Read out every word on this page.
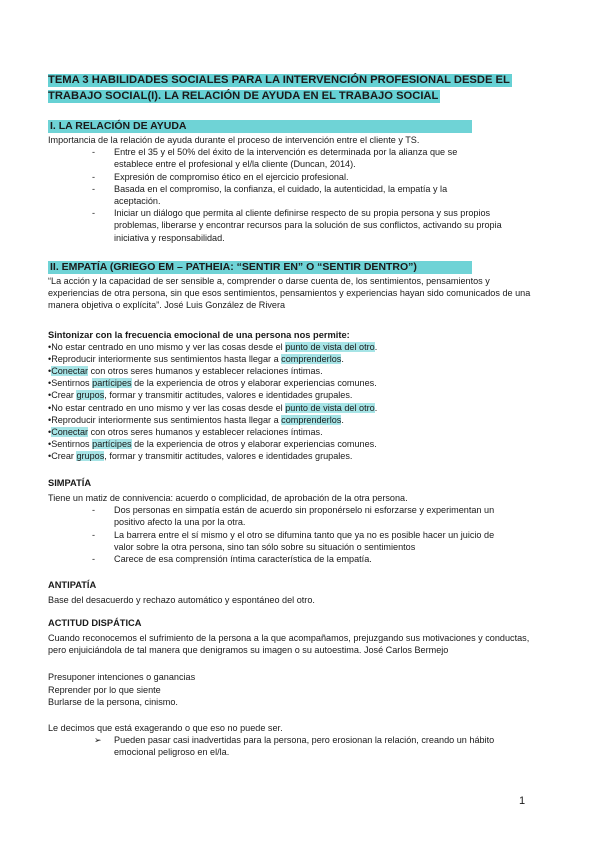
TEMA 3 HABILIDADES SOCIALES PARA LA INTERVENCIÓN PROFESIONAL DESDE EL
TRABAJO SOCIAL(I). LA RELACIÓN DE AYUDA EN EL TRABAJO SOCIAL
I. LA RELACIÓN DE AYUDA

Importancia de la relación de ayuda durante el proceso de intervención entre el cliente y TS.

- Entre el 35 y el 50% del éxito de la intervención es determinada por la alianza que se establece entre el profesional y el/la cliente (Duncan, 2014).
- Expresión de compromiso ético en el ejercicio profesional.
- Basada en el compromiso, la confianza, el cuidado, la autenticidad, la empatía y la aceptación.
- Iniciar un diálogo que permita al cliente definirse respecto de su propia persona y sus propios problemas, liberarse y encontrar recursos para la solución de sus conflictos, activando su propia iniciativa y responsabilidad.
II. EMPATÍA (GRIEGO EM – PATHEIA: “SENTIR EN” O “SENTIR DENTRO”)

“La acción y la capacidad de ser sensible a, comprender o darse cuenta de, los sentimientos, pensamientos y experiencias de otra persona, sin que esos sentimientos, pensamientos y experiencias hayan sido comunicados de una manera objetiva o explícita”. José Luis González de Rivera

Sintonizar con la frecuencia emocional de una persona nos permite:

• No estar centrado en uno mismo y ver las cosas desde el punto de vista del otro.
• Reproducir interiormente sus sentimientos hasta llegar a comprenderlos.
• Conectar con otros seres humanos y establecer relaciones íntimas.
• Sentirnos partícipes de la experiencia de otros y elaborar experiencias comunes.
• Crear grupos, formar y transmitir actitudes, valores e identidades grupales.
• No estar centrado en uno mismo y ver las cosas desde el punto de vista del otro.
• Reproducir interiormente sus sentimientos hasta llegar a comprenderlos.
• Conectar con otros seres humanos y establecer relaciones íntimas.
• Sentirnos partícipes de la experiencia de otros y elaborar experiencias comunes.
• Crear grupos, formar y transmitir actitudes, valores e identidades grupales.

SIMPATÍA

Tiene un matiz de connivencia: acuerdo o complicidad, de aprobación de la otra persona.

- Dos personas en simpatía están de acuerdo sin proponérselo ni esforzarse y experimentan un positivo afecto la una por la otra.
- La barrera entre el sí mismo y el otro se difumina tanto que ya no es posible hacer un juicio de valor sobre la otra persona, sino tan sólo sobre su situación o sentimientos
- Carece de esa comprensión íntima característica de la empatía.

ANTIPATÍA

Base del desacuerdo y rechazo automático y espontáneo del otro.

ACTITUD DISPÁTICA

Cuando reconocemos el sufrimiento de la persona a la que acompañamos, prejuzgando sus motivaciones y conductas, pero enjuiciándola de tal manera que denigramos su imagen o su autoestima. José Carlos Bermejo

Presuponer intenciones o ganancias

Reprender por lo que siente

Burlarse de la persona, cinismo.

Le decimos que está exagerando o que eso no puede ser.

➢ Pueden pasar casi inadvertidas para la persona, pero erosionan la relación, creando un hábito emocional peligroso en el/la.
1
